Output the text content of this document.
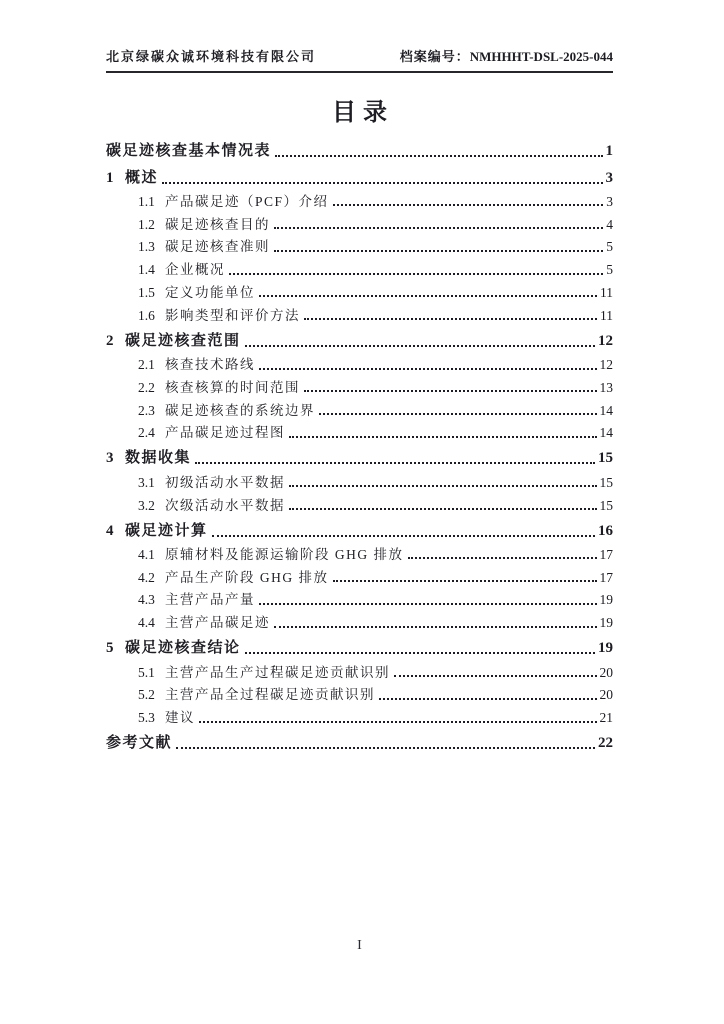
北京绿碳众诚环境科技有限公司	档案编号：NMHHHT-DSL-2025-044
目录
碳足迹核查基本情况表	1
1 概述	3
1.1 产品碳足迹（PCF）介绍	3
1.2 碳足迹核查目的	4
1.3 碳足迹核查准则	5
1.4 企业概况	5
1.5 定义功能单位	11
1.6 影响类型和评价方法	11
2 碳足迹核查范围	12
2.1 核查技术路线	12
2.2 核查核算的时间范围	13
2.3 碳足迹核查的系统边界	14
2.4 产品碳足迹过程图	14
3 数据收集	15
3.1 初级活动水平数据	15
3.2 次级活动水平数据	15
4 碳足迹计算	16
4.1 原辅材料及能源运输阶段 GHG 排放	17
4.2 产品生产阶段 GHG 排放	17
4.3 主营产品产量	19
4.4 主营产品碳足迹	19
5 碳足迹核查结论	19
5.1 主营产品生产过程碳足迹贡献识别	20
5.2 主营产品全过程碳足迹贡献识别	20
5.3 建议	21
参考文献	22
I
